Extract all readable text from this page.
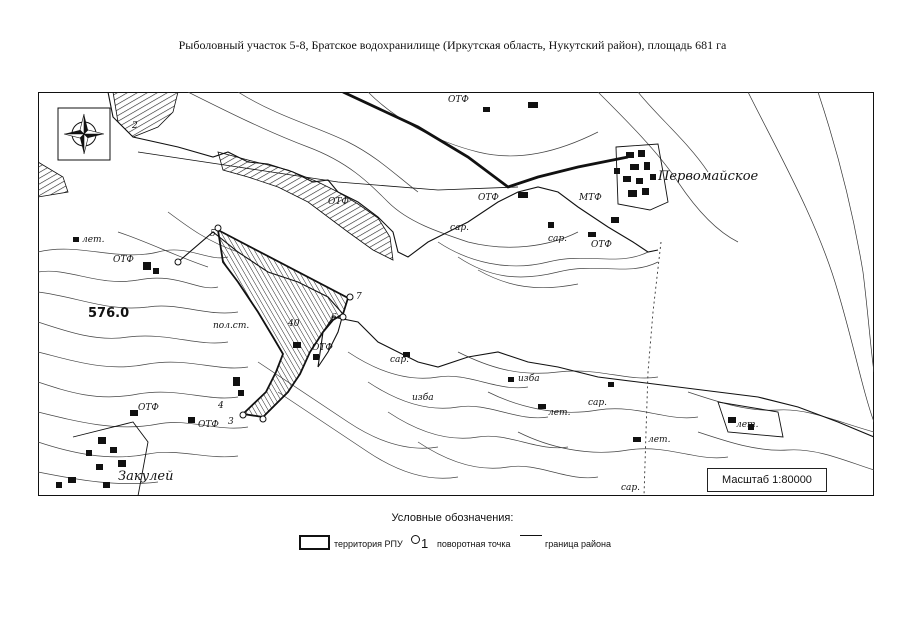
Рыболовный участок 5-8, Братское водохранилище (Иркутская область, Нукутский район), площадь 681 га
Первомайское
Закулей
576.0
ОТФ
ОТФ
ОТФ
ОТФ
ОТФ
ОТФ
ОТФ
ОТФ
МТФ
сар.
сар.
сар.
сар.
сар.
лет.
лет.
лет.
лет.
изба
изба
пол.ст.	40
2
3
4
5
6
7
Масштаб 1:80000
Условные обозначения:
территория РПУ 1 поворотная точка	граница района
